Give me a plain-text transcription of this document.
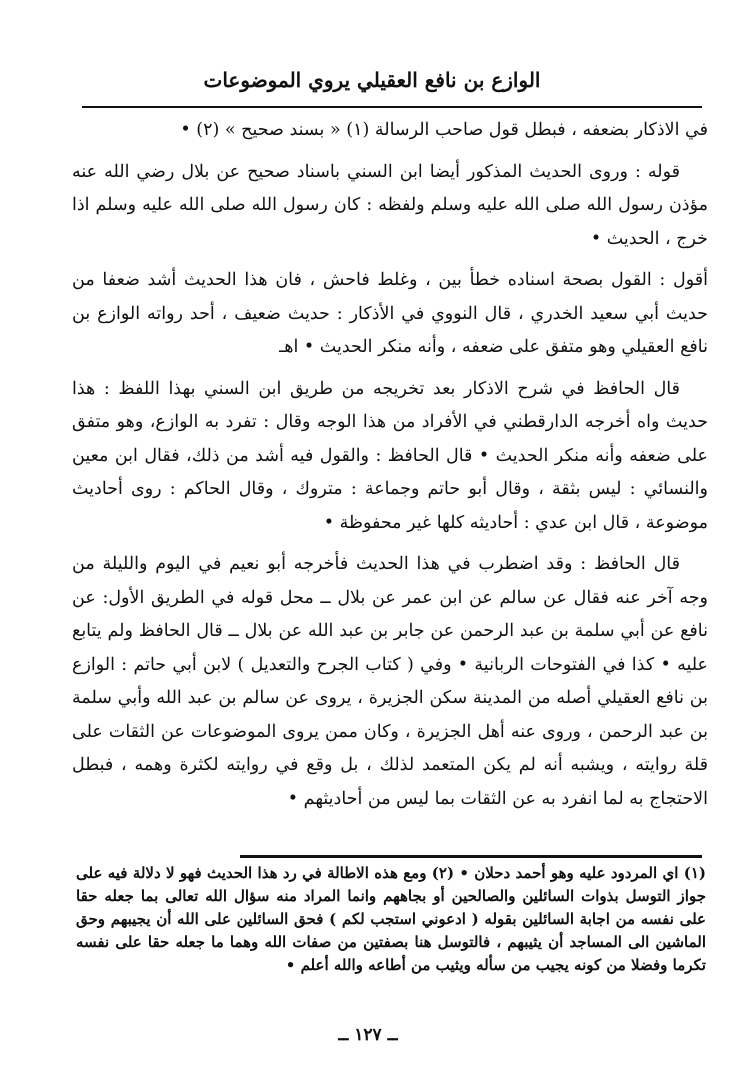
الوازع بن نافع العقيلي يروي الموضوعات

في الاذكار بضعفه ، فبطل قول صاحب الرسالة (١) « بسند صحيح » (٢) •

قوله : وروى الحديث المذكور أيضا ابن السني باسناد صحيح عن بلال رضي الله عنه مؤذن رسول الله صلى الله عليه وسلم ولفظه : كان رسول الله صلى الله عليه وسلم اذا خرج ، الحديث •

أقول : القول بصحة اسناده خطأ بين ، وغلط فاحش ، فان هذا الحديث أشد ضعفا من حديث أبي سعيد الخدري ، قال النووي في الأذكار : حديث ضعيف ، أحد رواته الوازع بن نافع العقيلي وهو متفق على ضعفه ، وأنه منكر الحديث • اهـ

قال الحافظ في شرح الاذكار بعد تخريجه من طريق ابن السني بهذا اللفظ : هذا حديث واه أخرجه الدارقطني في الأفراد من هذا الوجه وقال : تفرد به الوازع، وهو متفق على ضعفه وأنه منكر الحديث • قال الحافظ : والقول فيه أشد من ذلك، فقال ابن معين والنسائي : ليس بثقة ، وقال أبو حاتم وجماعة : متروك ، وقال الحاكم : روى أحاديث موضوعة ، قال ابن عدي : أحاديثه كلها غير محفوظة •

قال الحافظ : وقد اضطرب في هذا الحديث فأخرجه أبو نعيم في اليوم والليلة من وجه آخر عنه فقال عن سالم عن ابن عمر عن بلال ــ محل قوله في الطريق الأول: عن نافع عن أبي سلمة بن عبد الرحمن عن جابر بن عبد الله عن بلال ــ قال الحافظ ولم يتابع عليه • كذا في الفتوحات الربانية • وفي ( كتاب الجرح والتعديل ) لابن أبي حاتم : الوازع بن نافع العقيلي أصله من المدينة سكن الجزيرة ، يروى عن سالم بن عبد الله وأبي سلمة بن عبد الرحمن ، وروى عنه أهل الجزيرة ، وكان ممن يروى الموضوعات عن الثقات على قلة روايته ، ويشبه أنه لم يكن المتعمد لذلك ، بل وقع في روايته لكثرة وهمه ، فبطل الاحتجاج به لما انفرد به عن الثقات بما ليس من أحاديثهم •

(١) اي المردود عليه وهو أحمد دحلان • (٢) ومع هذه الاطالة في رد هذا الحديث فهو لا دلالة فيه على جواز التوسل بذوات السائلين والصالحين أو بجاههم وانما المراد منه سؤال الله تعالى بما جعله حقا على نفسه من اجابة السائلين بقوله ( ادعوني استجب لكم ) فحق السائلين على الله أن يجيبهم وحق الماشين الى المساجد أن يثيبهم ، فالتوسل هنا بصفتين من صفات الله وهما ما جعله حقا على نفسه تكرما وفضلا من كونه يجيب من سأله ويثيب من أطاعه والله أعلم •

ــ ١٢٧ ــ
